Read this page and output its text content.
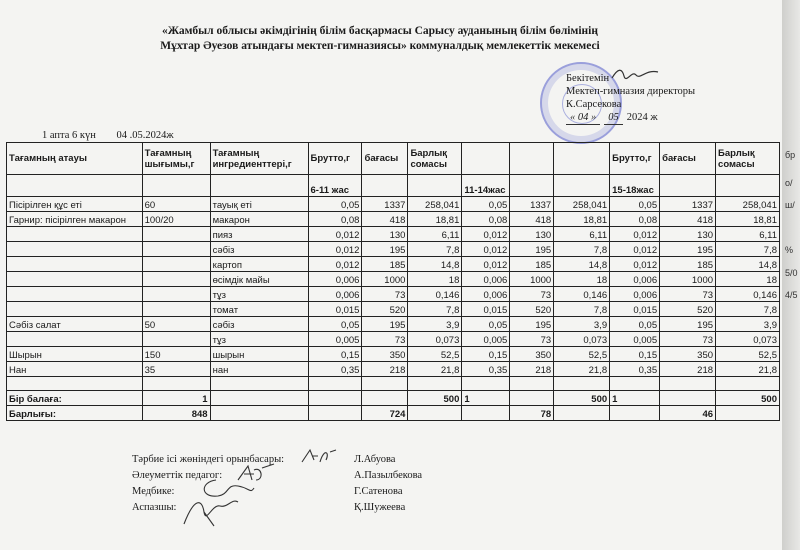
«Жамбыл облысы әкімдігінің білім басқармасы Сарысу ауданының білім бөлімінің
Мұхтар Әуезов атындағы мектеп-гимназиясы» коммуналдық мемлекеттік мекемесі
Бекітемін
Мектеп-гимназия директоры
К.Сарсекова
« 04 »	05 2024 ж
1 апта 6 күн 04 .05.2024ж
Тағамның атауы	Тағамның шығымы,г	Тағамның ингредиенттері,г	Брутто,г	бағасы	Барлық сомасы				Брутто,г	бағасы	Барлық сомасы
			6-11 жас			11-14жас			15-18жас		
Пісірілген құс еті	60	тауық еті	0,05	1337	258,041	0,05	1337	258,041	0,05	1337	258,041
Гарнир: пісірілген макарон	100/20	макарон	0,08	418	18,81	0,08	418	18,81	0,08	418	18,81
		пияз	0,012	130	6,11	0,012	130	6,11	0,012	130	6,11
		сәбіз	0,012	195	7,8	0,012	195	7,8	0,012	195	7,8
		картоп	0,012	185	14,8	0,012	185	14,8	0,012	185	14,8
		өсімдік майы	0,006	1000	18	0,006	1000	18	0,006	1000	18
		тұз	0,006	73	0,146	0,006	73	0,146	0,006	73	0,146
		томат	0,015	520	7,8	0,015	520	7,8	0,015	520	7,8
Сәбіз салат	50	сәбіз	0,05	195	3,9	0,05	195	3,9	0,05	195	3,9
		тұз	0,005	73	0,073	0,005	73	0,073	0,005	73	0,073
Шырын	150	шырын	0,15	350	52,5	0,15	350	52,5	0,15	350	52,5
Нан	35	нан	0,35	218	21,8	0,35	218	21,8	0,35	218	21,8

Бір балаға:	1				500	1		500	1		500
Барлығы:	848			724			78			46	
Тәрбие ісі жөніндегі орынбасары:	Л.Абуова
Әлеуметтік педагог:	А.Пазылбекова
Медбике:	Г.Сатенова
Аспазшы:	Қ.Шужеева
бр
о/
ш/
%
5/0
4/5
